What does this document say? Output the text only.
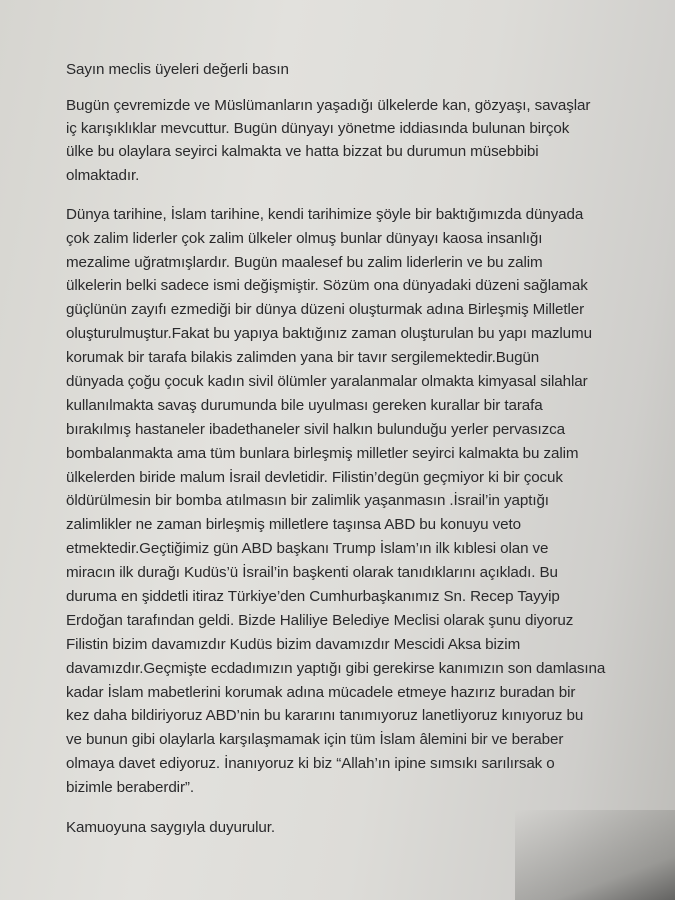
Sayın meclis üyeleri değerli basın
Bugün çevremizde ve Müslümanların yaşadığı ülkelerde kan, gözyaşı, savaşlar
iç karışıklıklar mevcuttur. Bugün dünyayı yönetme iddiasında bulunan birçok
ülke bu olaylara seyirci kalmakta ve hatta bizzat bu durumun müsebbibi
olmaktadır.
Dünya tarihine, İslam tarihine, kendi tarihimize şöyle bir baktığımızda dünyada
çok zalim liderler çok zalim ülkeler olmuş bunlar dünyayı kaosa insanlığı
mezalime uğratmışlardır. Bugün maalesef bu zalim liderlerin ve bu zalim
ülkelerin belki sadece ismi değişmiştir. Sözüm ona dünyadaki düzeni sağlamak
güçlünün zayıfı ezmediği bir dünya düzeni oluşturmak adına Birleşmiş Milletler
oluşturulmuştur.Fakat bu yapıya baktığınız zaman oluşturulan bu yapı mazlumu
korumak bir tarafa bilakis zalimden yana bir tavır sergilemektedir.Bugün
dünyada çoğu çocuk kadın sivil ölümler yaralanmalar olmakta kimyasal silahlar
kullanılmakta savaş durumunda bile uyulması gereken kurallar bir tarafa
bırakılmış hastaneler ibadethaneler sivil halkın bulunduğu yerler pervasızca
bombalanmakta ama tüm bunlara birleşmiş milletler seyirci kalmakta bu zalim
ülkelerden biride malum İsrail devletidir. Filistin’degün geçmiyor ki bir çocuk
öldürülmesin bir bomba atılmasın bir zalimlik yaşanmasın .İsrail’in yaptığı
zalimlikler ne zaman birleşmiş milletlere taşınsa ABD bu konuyu veto
etmektedir.Geçtiğimiz gün ABD başkanı Trump İslam’ın ilk kıblesi olan ve
miracın ilk durağı Kudüs’ü İsrail’in başkenti olarak tanıdıklarını açıkladı. Bu
duruma en şiddetli itiraz Türkiye’den Cumhurbaşkanımız Sn. Recep Tayyip
Erdoğan tarafından geldi. Bizde Haliliye Belediye Meclisi olarak şunu diyoruz
Filistin bizim davamızdır Kudüs bizim davamızdır Mescidi Aksa bizim
davamızdır.Geçmişte ecdadımızın yaptığı gibi gerekirse kanımızın son damlasına
kadar İslam mabetlerini korumak adına mücadele etmeye hazırız buradan bir
kez daha bildiriyoruz ABD’nin bu kararını tanımıyoruz lanetliyoruz kınıyoruz bu
ve bunun gibi olaylarla karşılaşmamak için tüm İslam âlemini bir ve beraber
olmaya davet ediyoruz. İnanıyoruz ki biz “Allah’ın ipine sımsıkı sarılırsak o
bizimle beraberdir”.
Kamuoyuna saygıyla duyurulur.
